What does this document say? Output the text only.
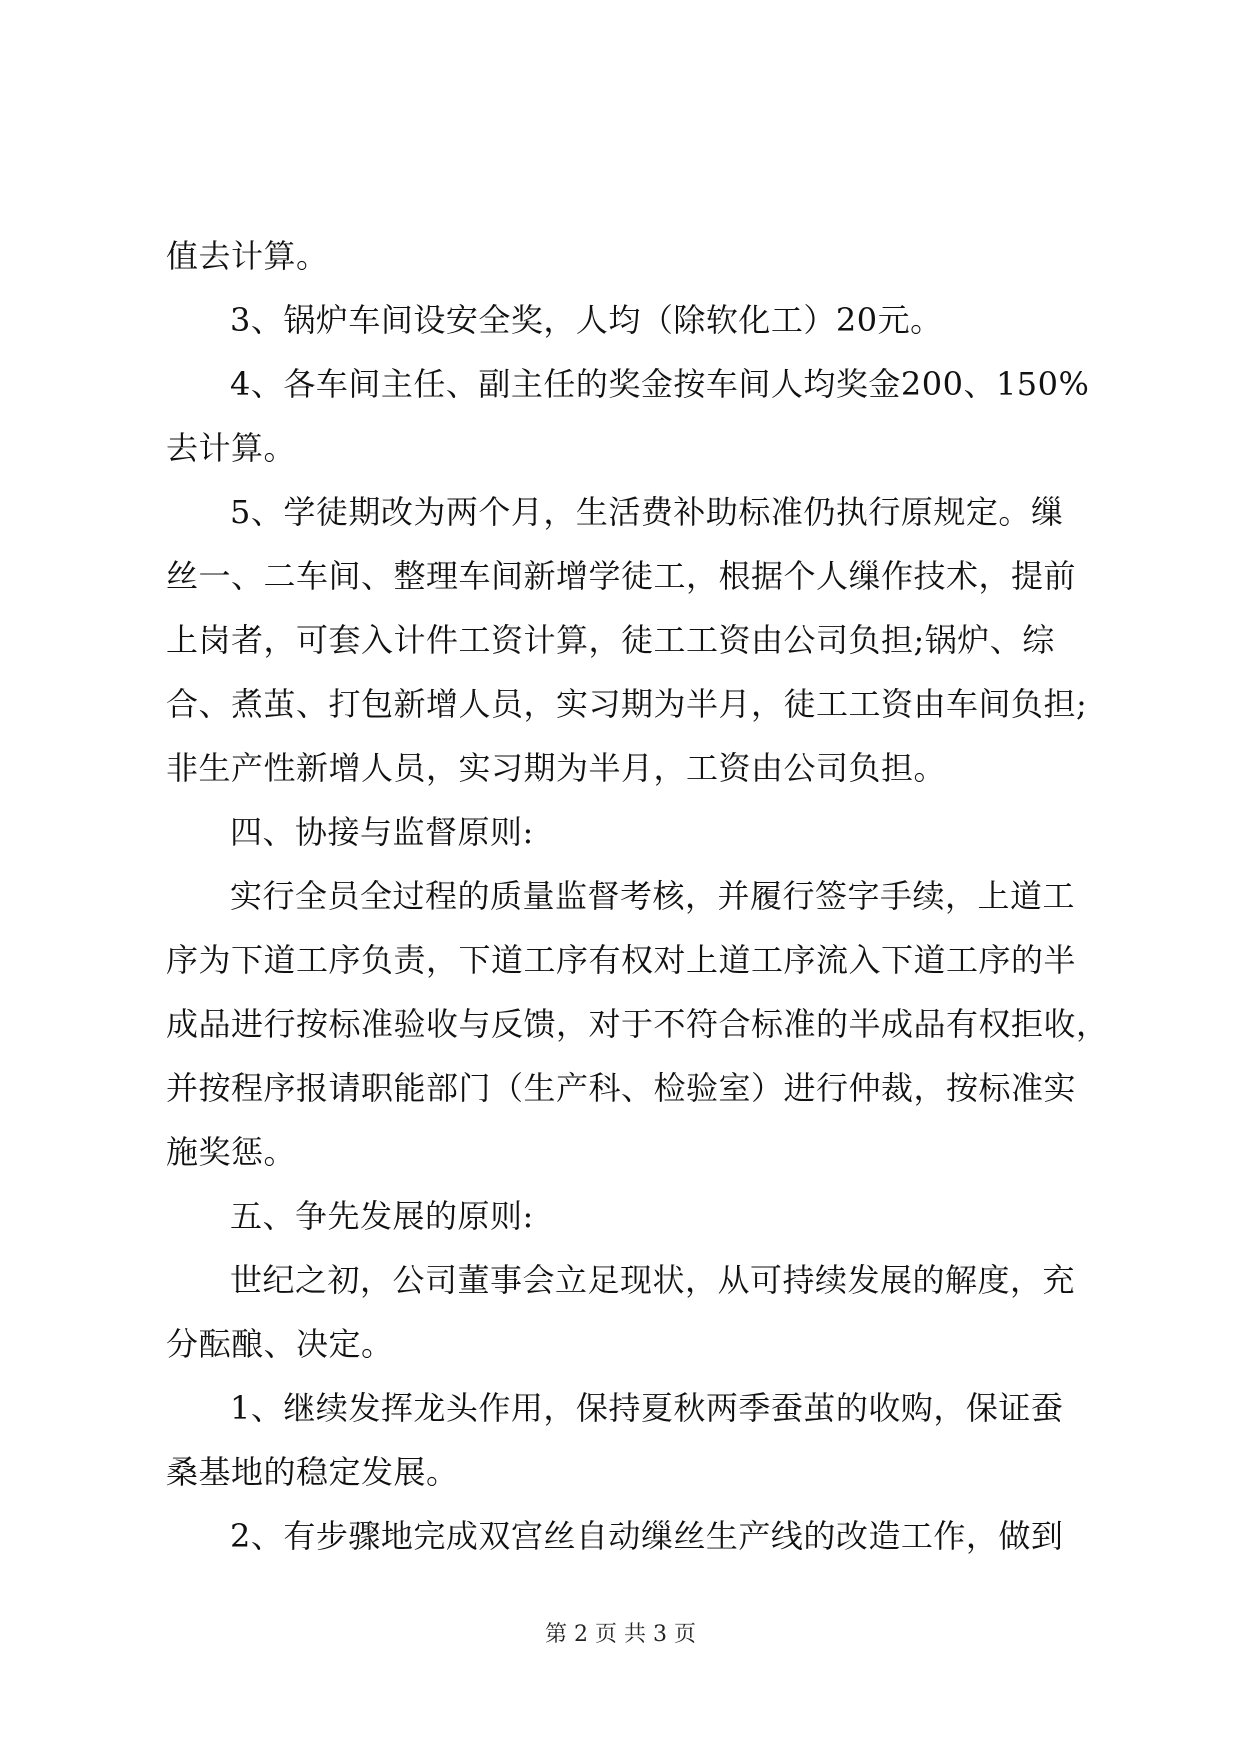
值去计算。
3、锅炉车间设安全奖，人均（除软化工）20元。
4、各车间主任、副主任的奖金按车间人均奖金200、150%
去计算。
5、学徒期改为两个月，生活费补助标准仍执行原规定。缫
丝一、二车间、整理车间新增学徒工，根据个人缫作技术，提前
上岗者，可套入计件工资计算，徒工工资由公司负担;锅炉、综
合、煮茧、打包新增人员，实习期为半月，徒工工资由车间负担;
非生产性新增人员，实习期为半月，工资由公司负担。
四、协接与监督原则:
实行全员全过程的质量监督考核，并履行签字手续，上道工
序为下道工序负责，下道工序有权对上道工序流入下道工序的半
成品进行按标准验收与反馈，对于不符合标准的半成品有权拒收，
并按程序报请职能部门（生产科、检验室）进行仲裁，按标准实
施奖惩。
五、争先发展的原则:
世纪之初，公司董事会立足现状，从可持续发展的解度，充
分酝酿、决定。
1、继续发挥龙头作用，保持夏秋两季蚕茧的收购，保证蚕
桑基地的稳定发展。
2、有步骤地完成双宫丝自动缫丝生产线的改造工作，做到
第 2 页 共 3 页
